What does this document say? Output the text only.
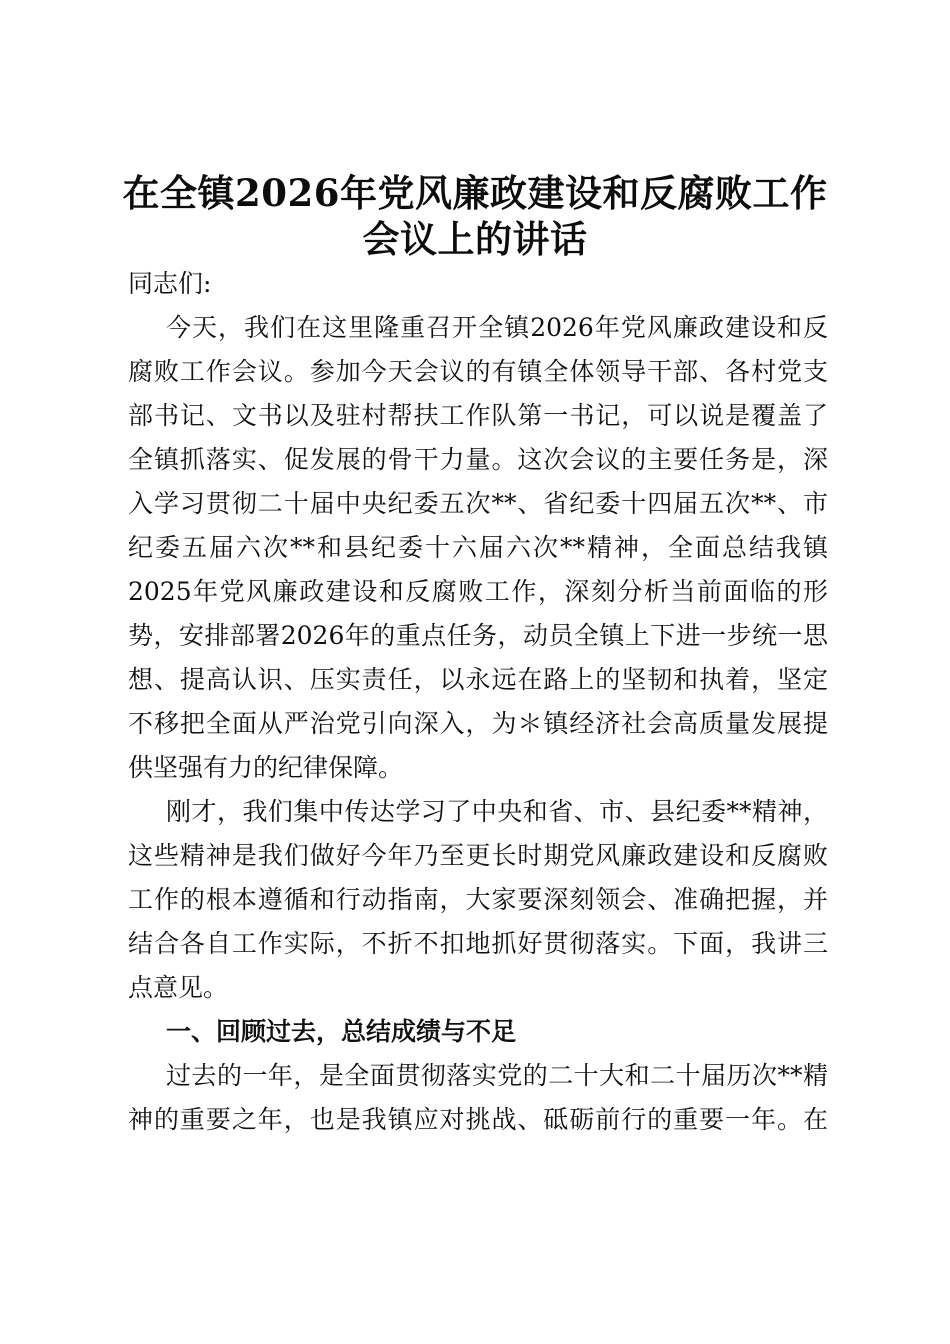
在全镇2026年党风廉政建设和反腐败工作
会议上的讲话
同志们:
今天，我们在这里隆重召开全镇2026年党风廉政建设和反
腐败工作会议。参加今天会议的有镇全体领导干部、各村党支
部书记、文书以及驻村帮扶工作队第一书记，可以说是覆盖了
全镇抓落实、促发展的骨干力量。这次会议的主要任务是，深
入学习贯彻二十届中央纪委五次**、省纪委十四届五次**、市
纪委五届六次**和县纪委十六届六次**精神，全面总结我镇
2025年党风廉政建设和反腐败工作，深刻分析当前面临的形
势，安排部署2026年的重点任务，动员全镇上下进一步统一思
想、提高认识、压实责任，以永远在路上的坚韧和执着，坚定
不移把全面从严治党引向深入，为＊镇经济社会高质量发展提
供坚强有力的纪律保障。
刚才，我们集中传达学习了中央和省、市、县纪委**精神，
这些精神是我们做好今年乃至更长时期党风廉政建设和反腐败
工作的根本遵循和行动指南，大家要深刻领会、准确把握，并
结合各自工作实际，不折不扣地抓好贯彻落实。下面，我讲三
点意见。
一、回顾过去，总结成绩与不足
过去的一年，是全面贯彻落实党的二十大和二十届历次**精
神的重要之年，也是我镇应对挑战、砥砺前行的重要一年。在
